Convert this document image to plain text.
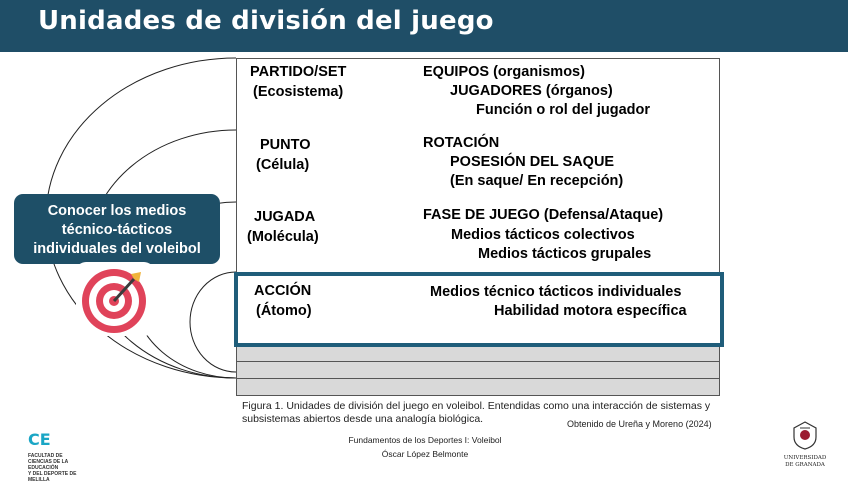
Unidades de división del juego
PARTIDO/SET
(Ecosistema)
EQUIPOS (organismos)
JUGADORES (órganos)
Función o rol del jugador
PUNTO
(Célula)
ROTACIÓN
POSESIÓN DEL SAQUE
(En saque/ En recepción)
JUGADA
(Molécula)
FASE DE JUEGO (Defensa/Ataque)
Medios tácticos colectivos
Medios tácticos grupales
ACCIÓN
(Átomo)
Medios técnico tácticos individuales
Habilidad motora específica
Conocer los medios
técnico-tácticos
individuales del voleibol
Figura 1. Unidades de división del juego en voleibol. Entendidas como una interacción de sistemas y subsistemas abiertos desde una analogía biológica.	Obtenido de Ureña y Moreno (2024)
Fundamentos de los Deportes I: Voleibol
Óscar López Belmonte
CE
FACULTAD DE
CIENCIAS DE LA EDUCACIÓN
Y DEL DEPORTE DE MELILLA
UNIVERSIDAD
DE GRANADA
